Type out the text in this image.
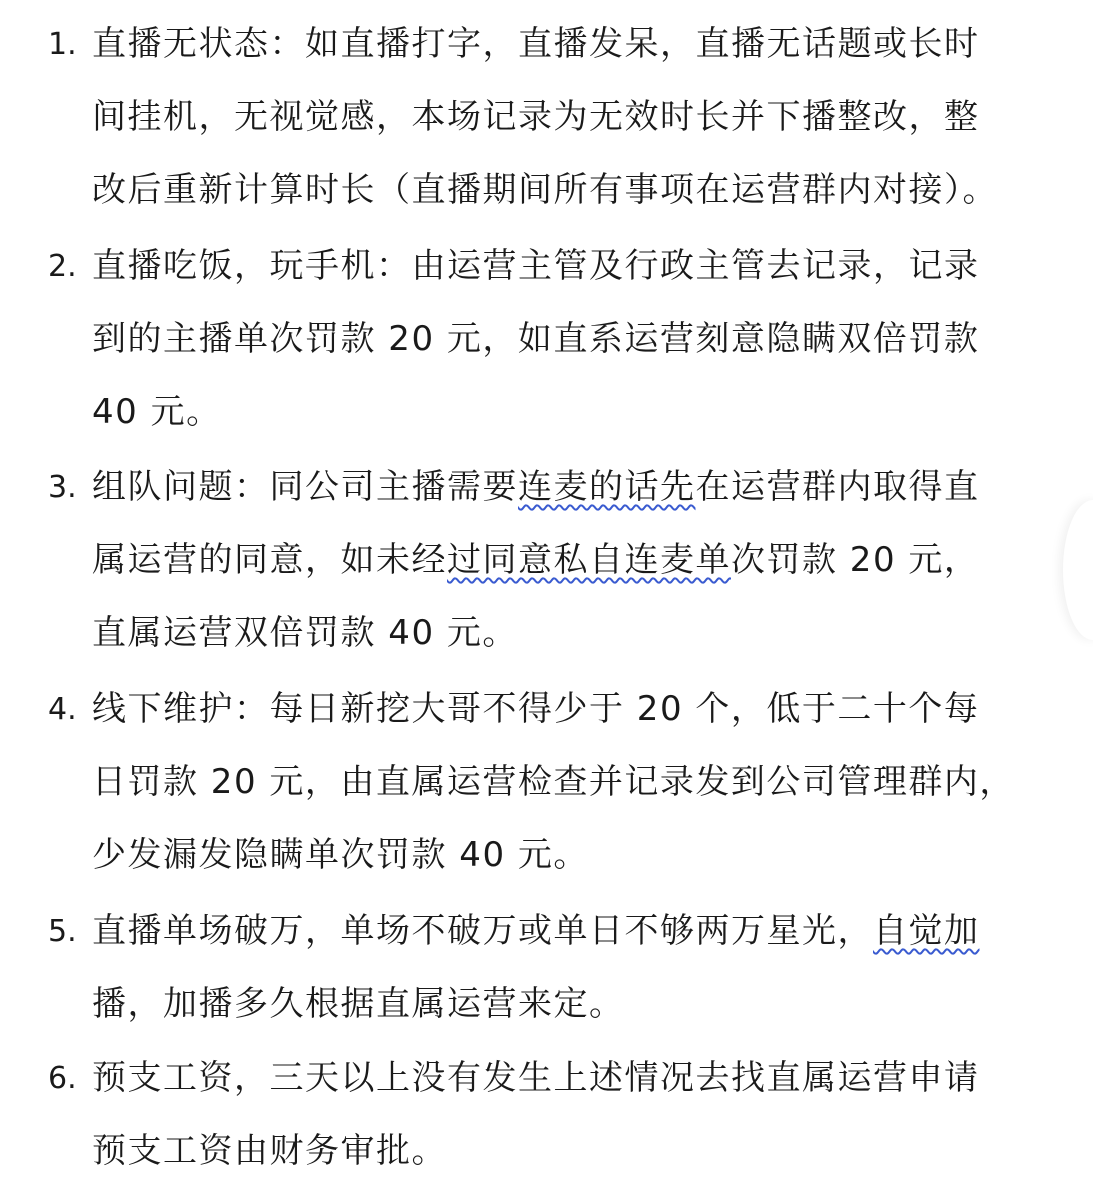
1. 直播无状态：如直播打字，直播发呆，直播无话题或长时
间挂机，无视觉感，本场记录为无效时长并下播整改，整
改后重新计算时长（直播期间所有事项在运营群内对接）。
2. 直播吃饭，玩手机：由运营主管及行政主管去记录，记录
到的主播单次罚款 20 元，如直系运营刻意隐瞒双倍罚款
40 元。
3. 组队问题：同公司主播需要连麦的话先在运营群内取得直
属运营的同意，如未经过同意私自连麦单次罚款 20 元，
直属运营双倍罚款 40 元。
4. 线下维护：每日新挖大哥不得少于 20 个，低于二十个每
日罚款 20 元，由直属运营检查并记录发到公司管理群内，
少发漏发隐瞒单次罚款 40 元。
5. 直播单场破万，单场不破万或单日不够两万星光，自觉加
播，加播多久根据直属运营来定。
6. 预支工资，三天以上没有发生上述情况去找直属运营申请
预支工资由财务审批。
